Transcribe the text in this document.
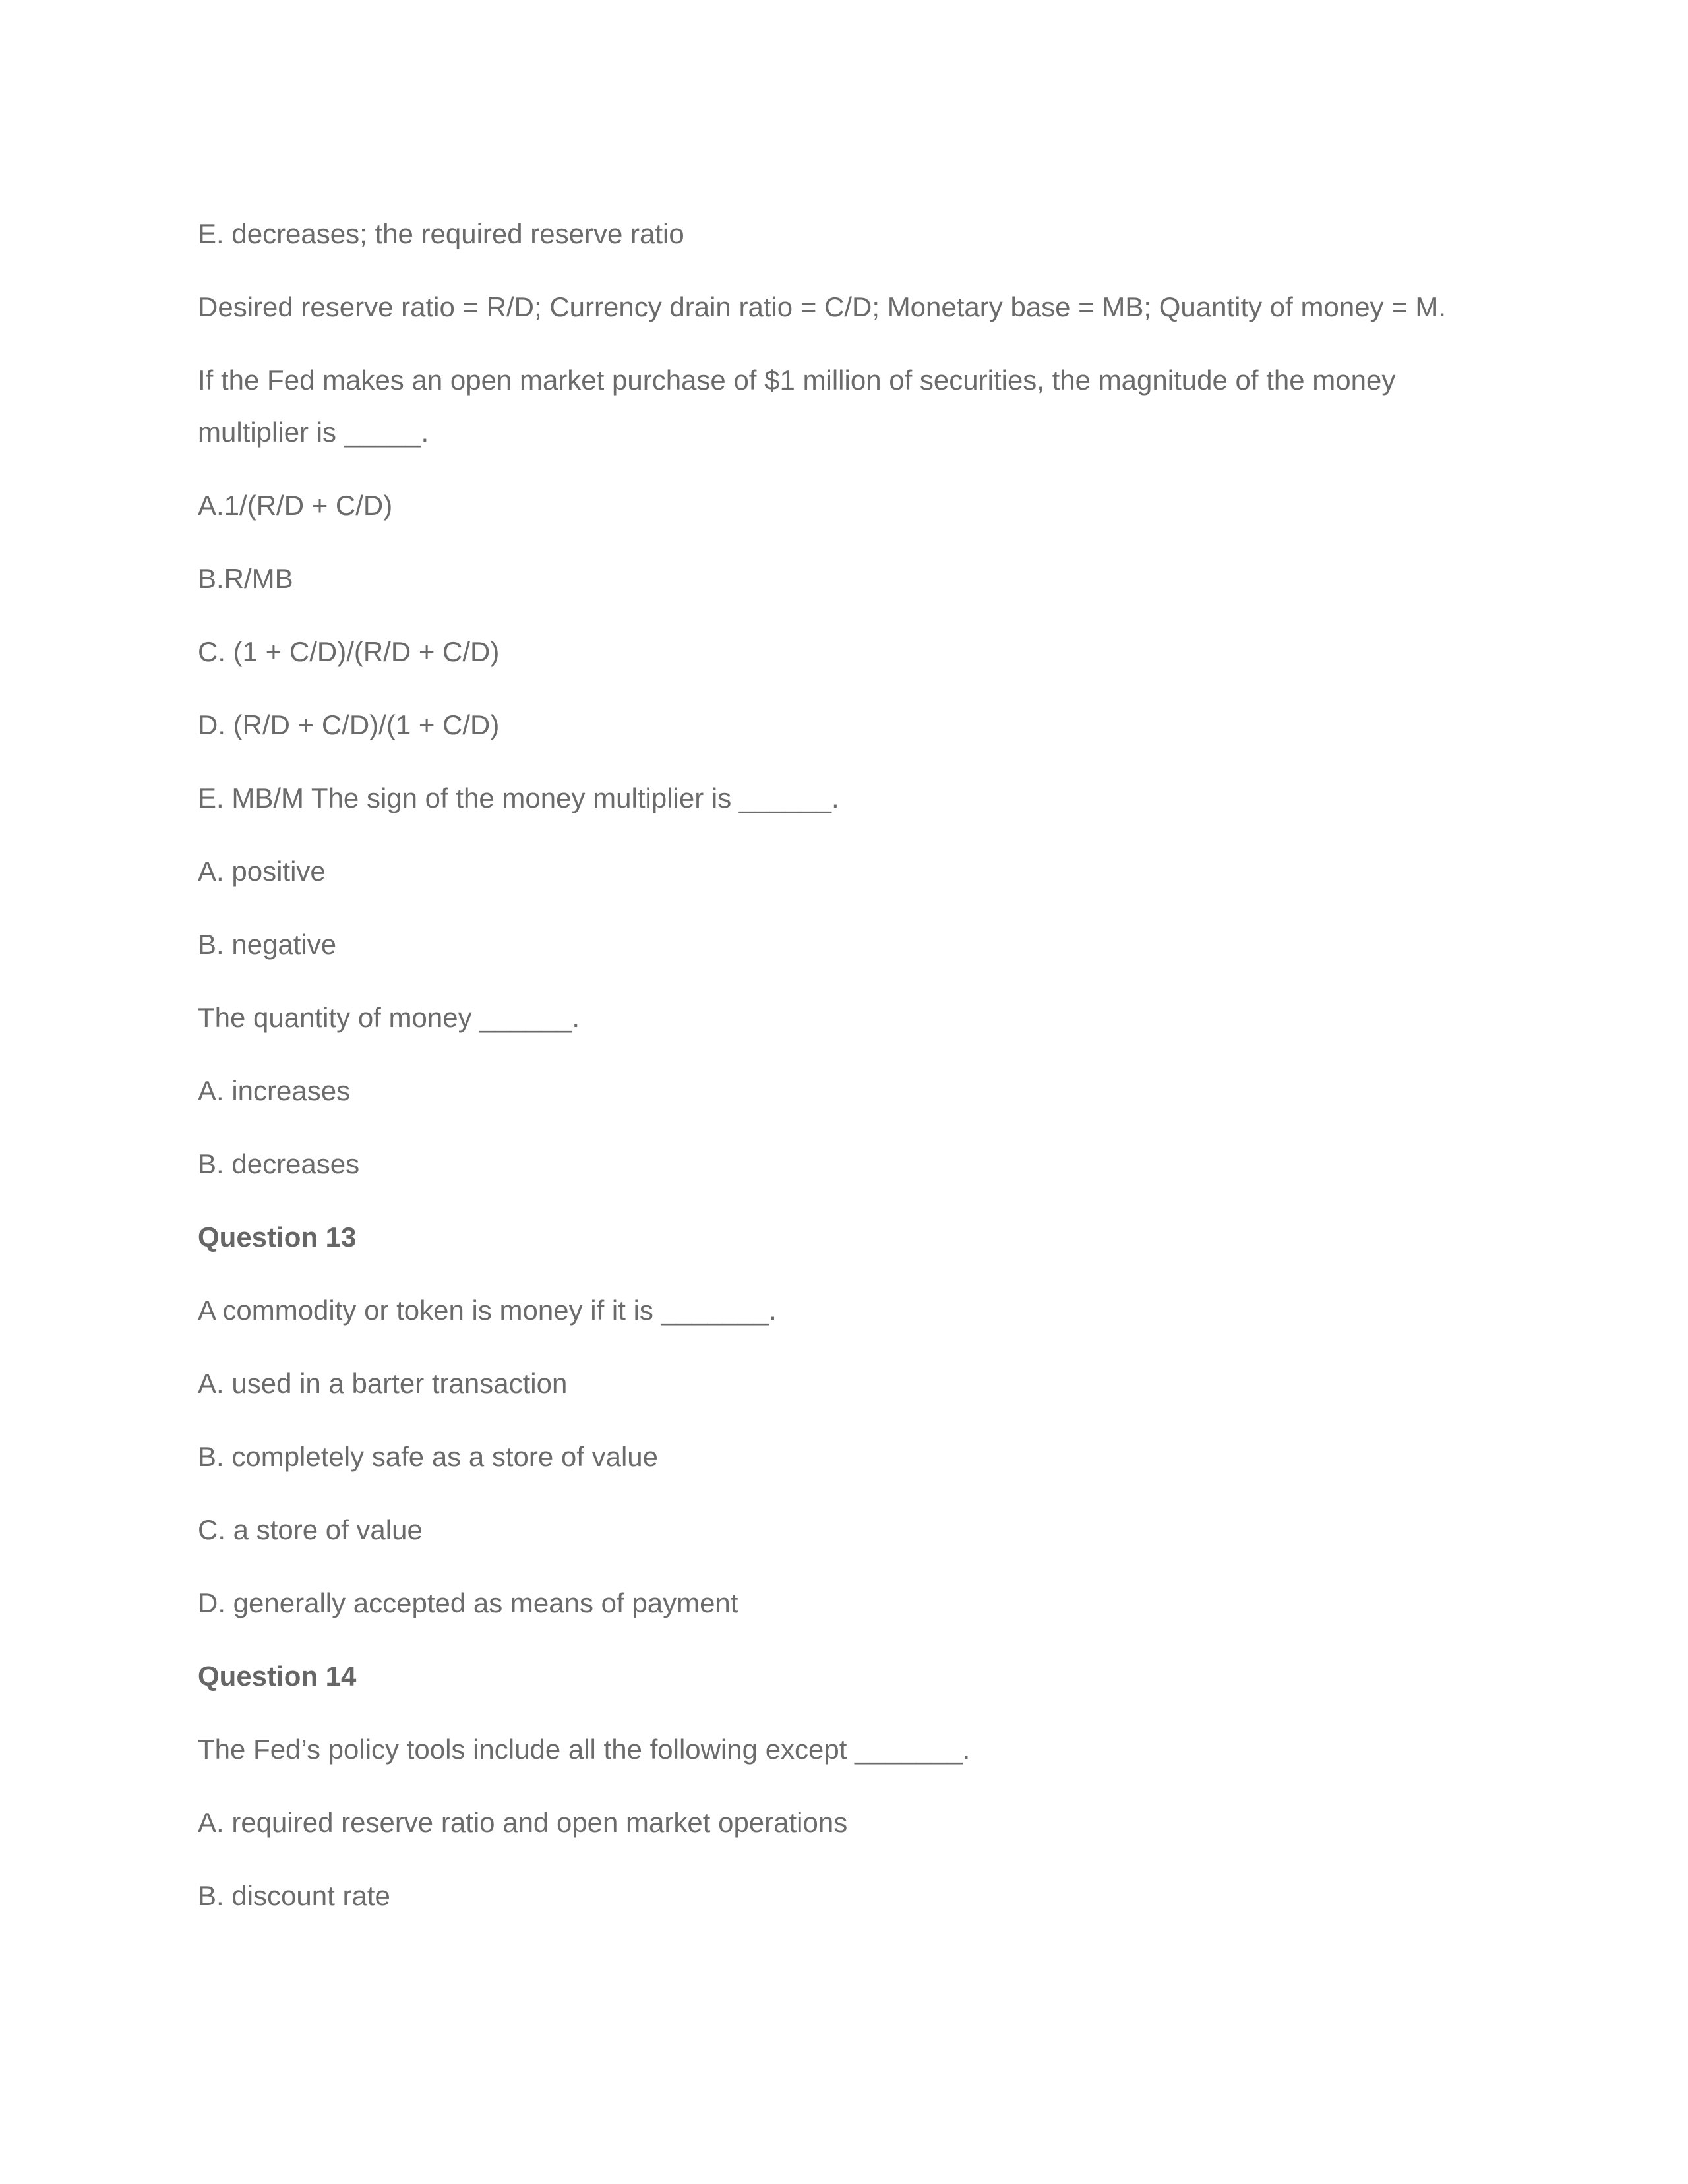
E. decreases; the required reserve ratio

Desired reserve ratio = R/D; Currency drain ratio = C/D; Monetary base = MB; Quantity of money = M.

If the Fed makes an open market purchase of $1 million of securities, the magnitude of the money

multiplier is _____.

A.1/(R/D + C/D)

B.R/MB

C. (1 + C/D)/(R/D + C/D)

D. (R/D + C/D)/(1 + C/D)

E. MB/M The sign of the money multiplier is ______.

A. positive

B. negative

The quantity of money ______.

A. increases

B. decreases

Question 13

A commodity or token is money if it is _______.

A. used in a barter transaction

B. completely safe as a store of value

C. a store of value

D. generally accepted as means of payment

Question 14

The Fed’s policy tools include all the following except _______.

A. required reserve ratio and open market operations

B. discount rate
